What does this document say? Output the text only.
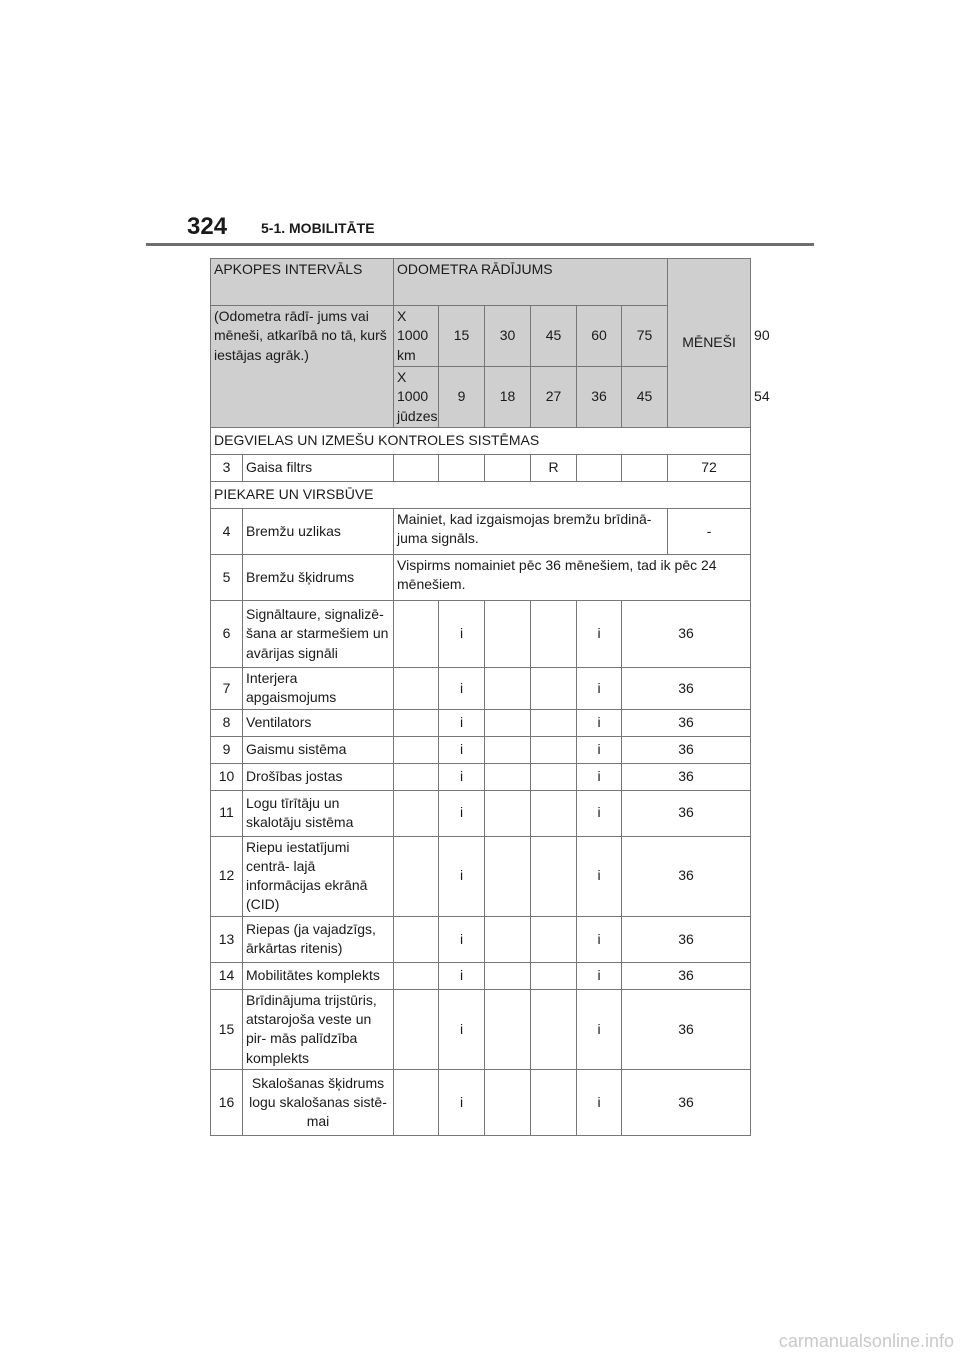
324 5-1. MOBILITĀTE
APKOPES INTERVĀLS		ODOMETRA RĀDĪJUMS						MĒNEŠI	
(Odometra rādī- jums vai mēneši, atkarībā no tā, kurš iestājas agrāk.)		X 1000 km	15	30	45	60	75		90
		X 1000 jūdzes	9	18	27	36	45		54
DEGVIELAS UN IZMEŠU KONTROLES SISTĒMAS									
3	Gaisa filtrs				R			72	
PIEKARE UN VIRSBŪVE									
4	Bremžu uzlikas	Mainiet, kad izgaismojas bremžu brīdinā- juma signāls.						-	
5	Bremžu šķidrums	Vispirms nomainiet pēc 36 mēnešiem, tad ik pēc 24 mēnešiem.							
6	Signāltaure, signalizē- šana ar starmešiem un avārijas signāli		i			i	36		
7	Interjera apgaismojums		i			i	36		
8	Ventilators		i			i	36		
9	Gaismu sistēma		i			i	36		
10	Drošības jostas		i			i	36		
11	Logu tīrītāju un skalotāju sistēma		i			i	36		
12	Riepu iestatījumi centrā- lajā informācijas ekrānā (CID)		i			i	36		
13	Riepas (ja vajadzīgs, ārkārtas ritenis)		i			i	36		
14	Mobilitātes komplekts		i			i	36		
15	Brīdinājuma trijstūris, atstarojoša veste un pir- mās palīdzība komplekts		i			i	36		
16	Skalošanas šķidrums logu skalošanas sistē- mai		i			i	36		
carmanualsonline.info
